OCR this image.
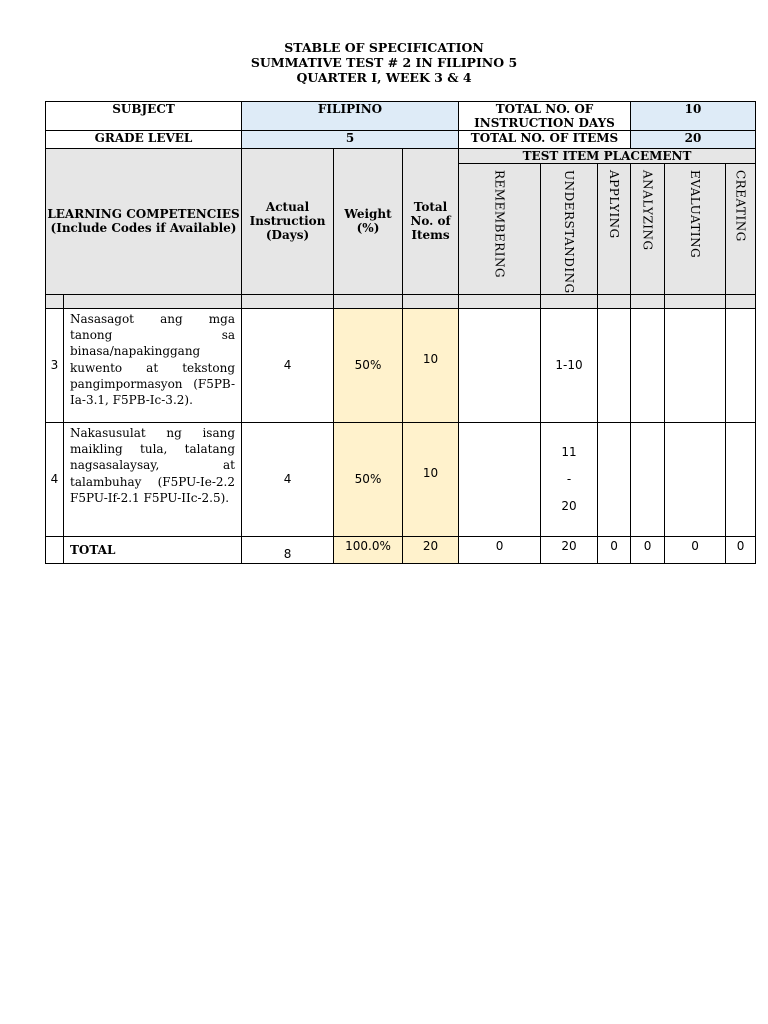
STABLE OF SPECIFICATION
SUMMATIVE TEST # 2 IN FILIPINO 5
QUARTER I, WEEK 3 & 4
SUBJECT		FILIPINO			TOTAL NO. OF INSTRUCTION DAYS			10		
GRADE LEVEL		5			TOTAL NO. OF ITEMS			20		
LEARNING COMPETENCIES (Include Codes if Available)		Actual Instruction (Days)	Weight (%)	Total No. of Items	TEST ITEM PLACEMENT					

					REMEMBERING	UNDERSTANDING	APPLYING	ANALYZING	EVALUATING	CREATING

3	Nasasagot ang mga tanong sa binasa/napakinggang kuwento at tekstong pangimpormasyon (F5PB-Ia-3.1, F5PB-Ic-3.2).	4	50%	10		1-10				
4	Nakasusulat ng isang maikling tula, talatang nagsasalaysay, at talambuhay (F5PU-Ie-2.2 F5PU-If-2.1 F5PU-IIc-2.5).	4	50%	10		11
-
20				

	TOTAL	8	100.0%	20	0	20	0	0	0	0
